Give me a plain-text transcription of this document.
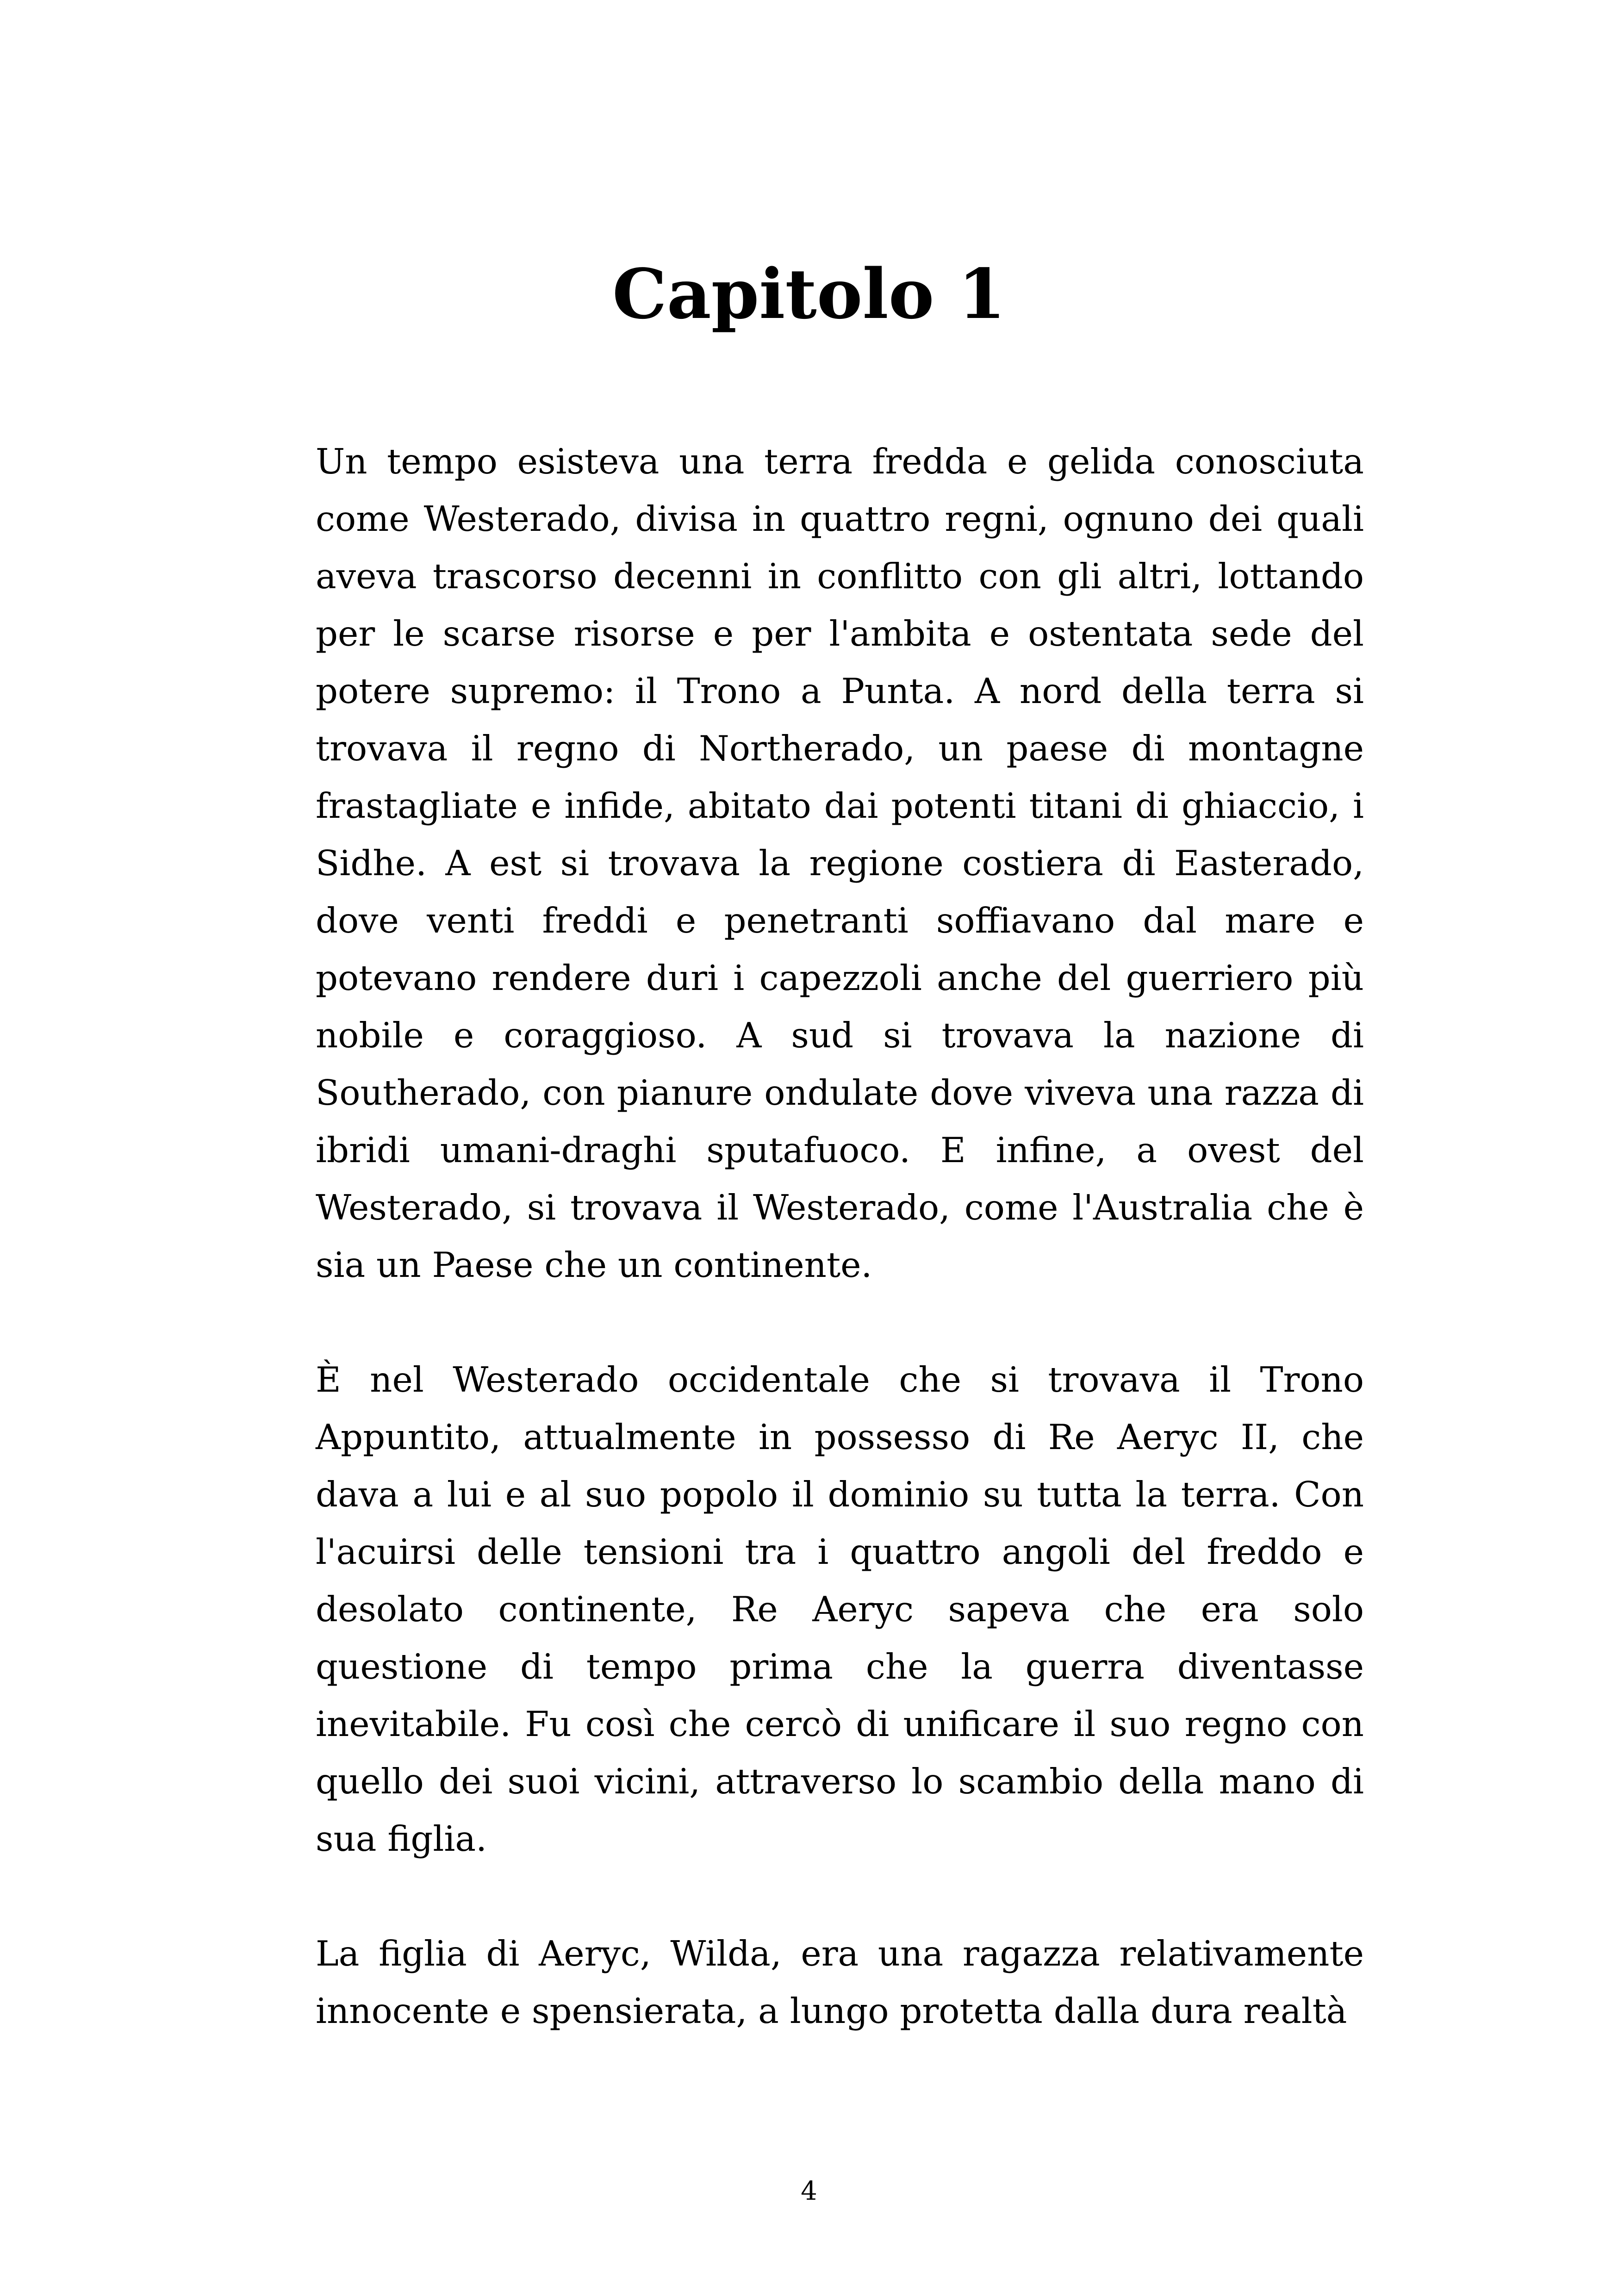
Capitolo 1

Un tempo esisteva una terra fredda e gelida conosciuta come Westerado, divisa in quattro regni, ognuno dei quali aveva trascorso decenni in conflitto con gli altri, lottando per le scarse risorse e per l'ambita e ostentata sede del potere supremo: il Trono a Punta. A nord della terra si trovava il regno di Northerado, un paese di montagne frastagliate e infide, abitato dai potenti titani di ghiaccio, i Sidhe. A est si trovava la regione costiera di Easterado, dove venti freddi e penetranti soffiavano dal mare e potevano rendere duri i capezzoli anche del guerriero più nobile e coraggioso. A sud si trovava la nazione di Southerado, con pianure ondulate dove viveva una razza di ibridi umani-draghi sputafuoco. E infine, a ovest del Westerado, si trovava il Westerado, come l'Australia che è sia un Paese che un continente.

È nel Westerado occidentale che si trovava il Trono Appuntito, attualmente in possesso di Re Aeryc II, che dava a lui e al suo popolo il dominio su tutta la terra. Con l'acuirsi delle tensioni tra i quattro angoli del freddo e desolato continente, Re Aeryc sapeva che era solo questione di tempo prima che la guerra diventasse inevitabile. Fu così che cercò di unificare il suo regno con quello dei suoi vicini, attraverso lo scambio della mano di sua figlia.

La figlia di Aeryc, Wilda, era una ragazza relativamente innocente e spensierata, a lungo protetta dalla dura realtà

4
